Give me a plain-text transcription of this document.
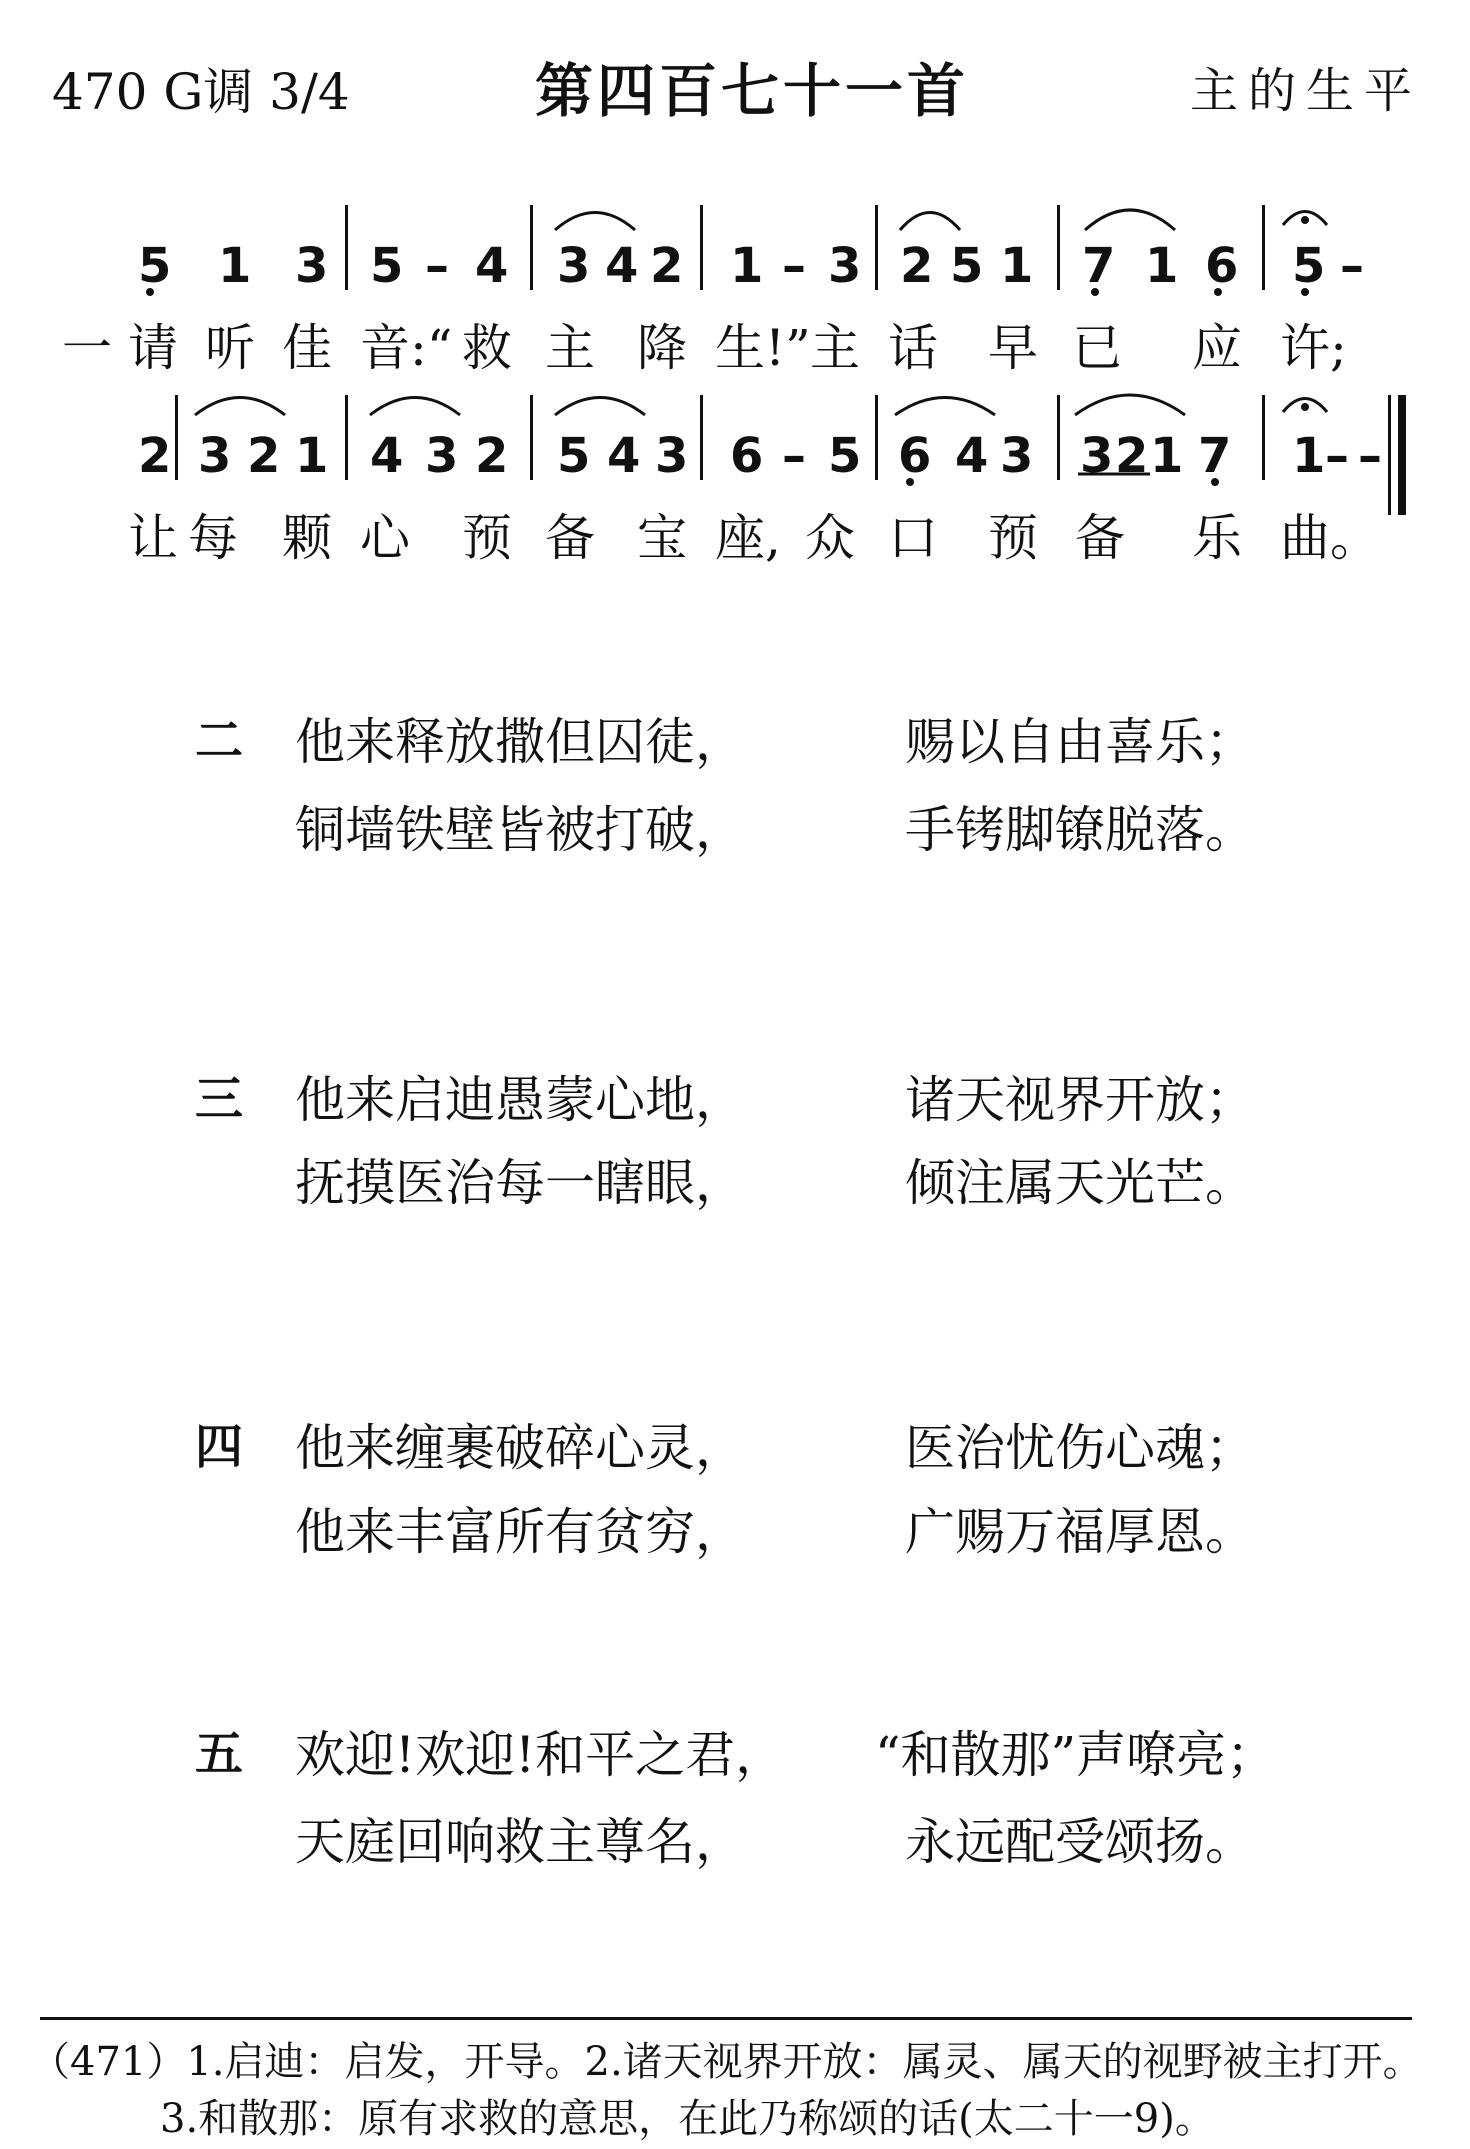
470 G调 3/4	第四百七十一首	主的生平
5 1 3 5 – 4 3 4 2 1 – 3 2 5 1 7 1 6 5 –
一 请 听 佳 音:“ 救 主 降 生!” 主 话 早 已 应 许;
2 3 2 1 4 3 2 5 4 3 6 – 5 6 4 3 3 2 1 7 1 – –
让 每 颗 心 预 备 宝 座, 众 口 预 备 乐 曲。
二 他来释放撒但囚徒，	赐以自由喜乐；
铜墙铁壁皆被打破，	手铐脚镣脱落。
三 他来启迪愚蒙心地，	诸天视界开放；
抚摸医治每一瞎眼，	倾注属天光芒。
四 他来缠裹破碎心灵，	医治忧伤心魂；
他来丰富所有贫穷，	广赐万福厚恩。
五 欢迎!欢迎!和平之君， “和散那”声嘹亮；
天庭回响救主尊名，	永远配受颂扬。
（471）1.启迪：启发，开导。2.诸天视界开放：属灵、属天的视野被主打开。
3.和散那：原有求救的意思，在此乃称颂的话(太二十一9)。
